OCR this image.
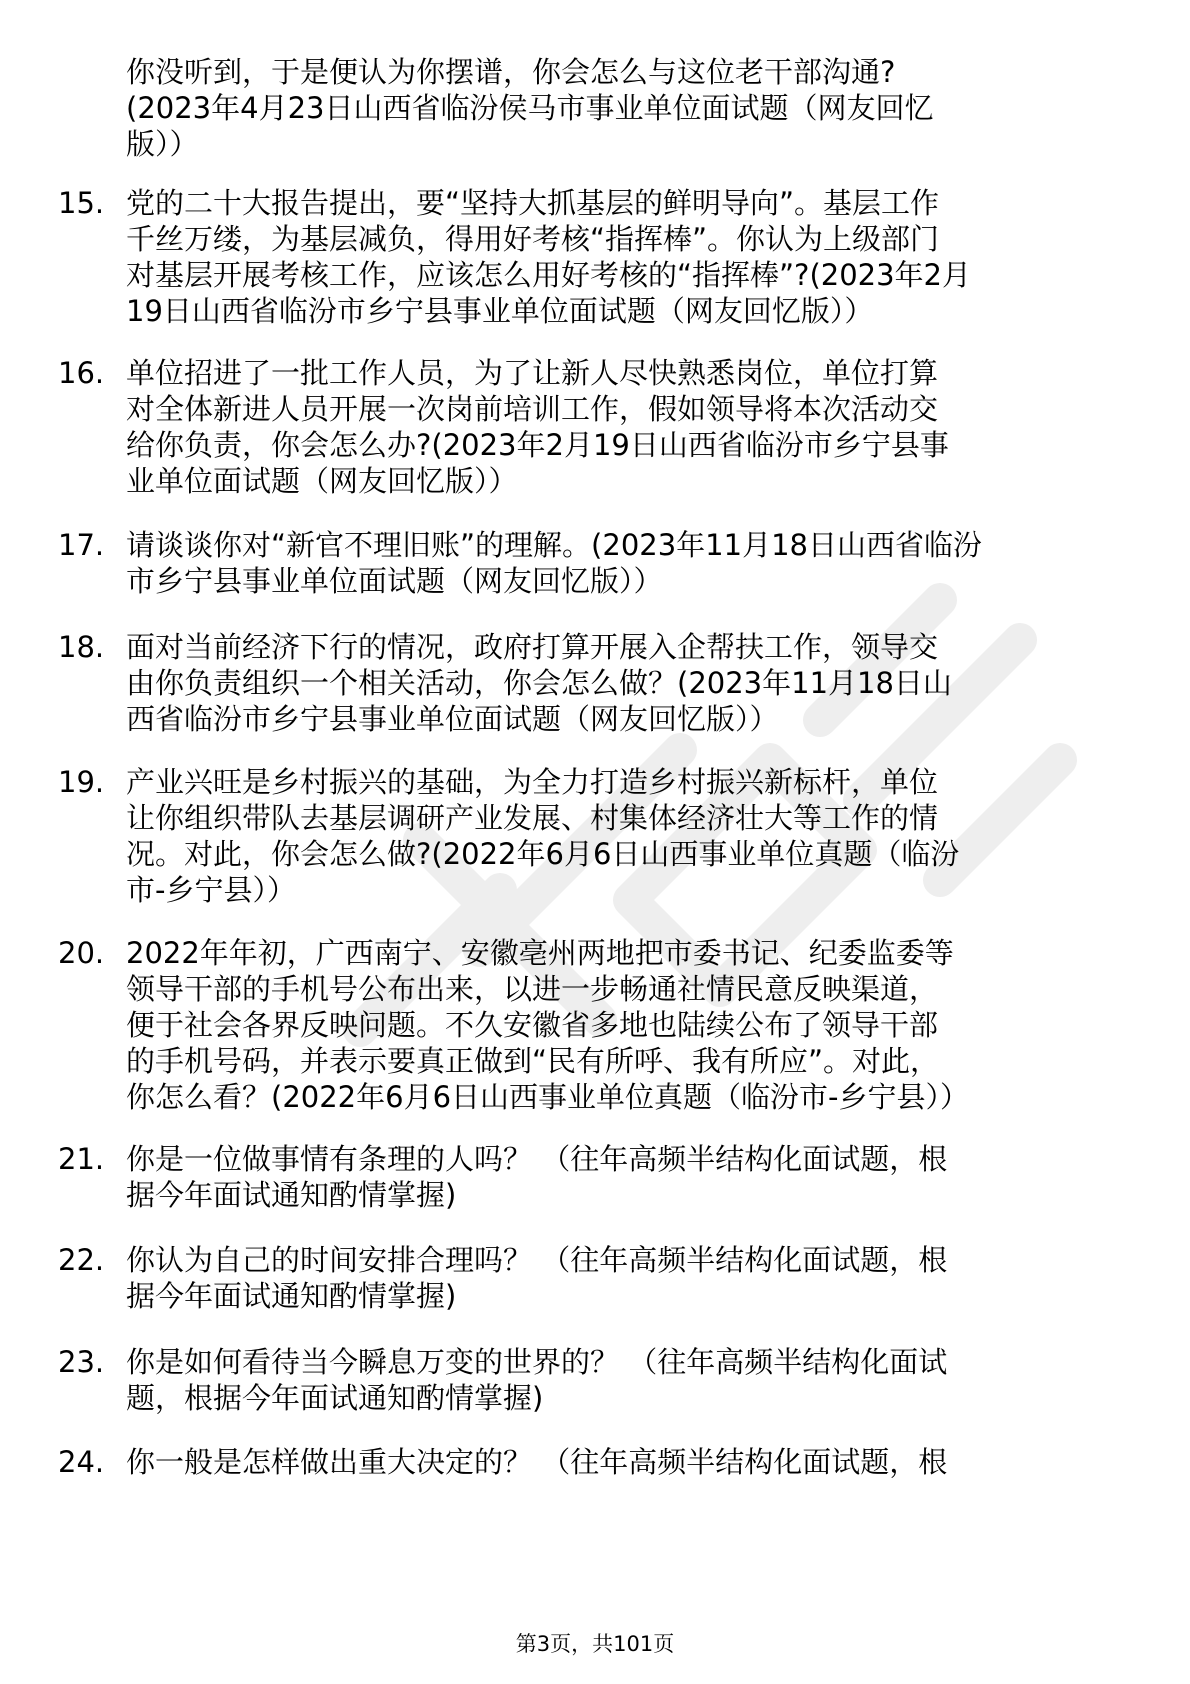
你没听到，于是便认为你摆谱，你会怎么与这位老干部沟通?
(2023年4月23日山西省临汾侯马市事业单位面试题（网友回忆
版））
15. 党的二十大报告提出，要“坚持大抓基层的鲜明导向”。基层工作
千丝万缕，为基层减负，得用好考核“指挥棒”。你认为上级部门
对基层开展考核工作，应该怎么用好考核的“指挥棒”?(2023年2月
19日山西省临汾市乡宁县事业单位面试题（网友回忆版））
16. 单位招进了一批工作人员，为了让新人尽快熟悉岗位，单位打算
对全体新进人员开展一次岗前培训工作，假如领导将本次活动交
给你负责，你会怎么办?(2023年2月19日山西省临汾市乡宁县事
业单位面试题（网友回忆版））
17. 请谈谈你对“新官不理旧账”的理解。(2023年11月18日山西省临汾
市乡宁县事业单位面试题（网友回忆版））
18. 面对当前经济下行的情况，政府打算开展入企帮扶工作，领导交
由你负责组织一个相关活动，你会怎么做？(2023年11月18日山
西省临汾市乡宁县事业单位面试题（网友回忆版））
19. 产业兴旺是乡村振兴的基础，为全力打造乡村振兴新标杆，单位
让你组织带队去基层调研产业发展、村集体经济壮大等工作的情
况。对此，你会怎么做?(2022年6月6日山西事业单位真题（临汾
市-乡宁县））
20. 2022年年初，广西南宁、安徽亳州两地把市委书记、纪委监委等
领导干部的手机号公布出来，以进一步畅通社情民意反映渠道，
便于社会各界反映问题。不久安徽省多地也陆续公布了领导干部
的手机号码，并表示要真正做到“民有所呼、我有所应”。对此，
你怎么看？(2022年6月6日山西事业单位真题（临汾市-乡宁县））
21. 你是一位做事情有条理的人吗？ （往年高频半结构化面试题，根
据今年面试通知酌情掌握)
22. 你认为自己的时间安排合理吗？ （往年高频半结构化面试题，根
据今年面试通知酌情掌握)
23. 你是如何看待当今瞬息万变的世界的？ （往年高频半结构化面试
题，根据今年面试通知酌情掌握)
24. 你一般是怎样做出重大决定的？ （往年高频半结构化面试题，根
第3页，共101页
